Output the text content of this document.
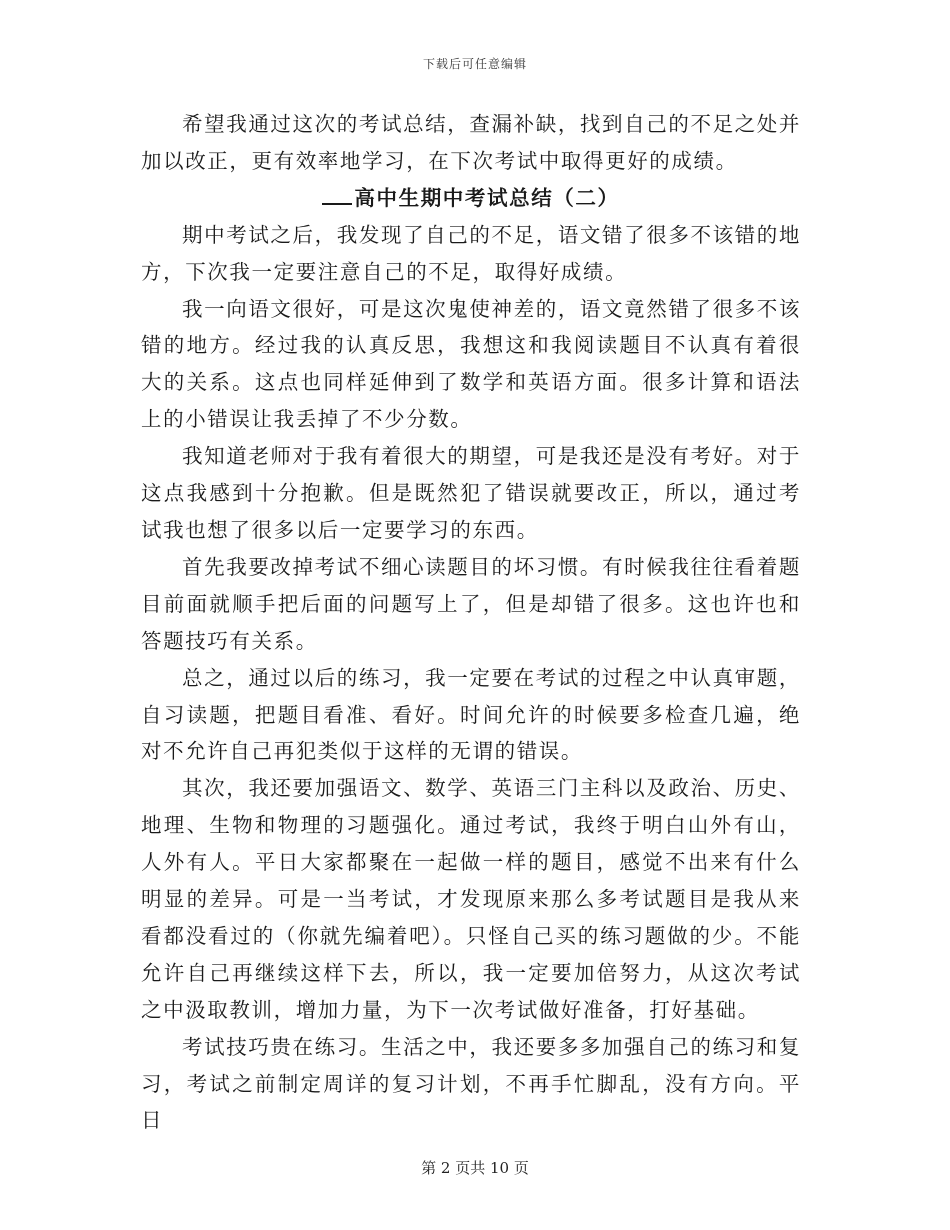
下载后可任意编辑

希望我通过这次的考试总结，查漏补缺，找到自己的不足之处并加以改正，更有效率地学习，在下次考试中取得更好的成绩。

高中生期中考试总结（二）

期中考试之后，我发现了自己的不足，语文错了很多不该错的地方，下次我一定要注意自己的不足，取得好成绩。

我一向语文很好，可是这次鬼使神差的，语文竟然错了很多不该错的地方。经过我的认真反思，我想这和我阅读题目不认真有着很大的关系。这点也同样延伸到了数学和英语方面。很多计算和语法上的小错误让我丢掉了不少分数。

我知道老师对于我有着很大的期望，可是我还是没有考好。对于这点我感到十分抱歉。但是既然犯了错误就要改正，所以，通过考试我也想了很多以后一定要学习的东西。

首先我要改掉考试不细心读题目的坏习惯。有时候我往往看着题目前面就顺手把后面的问题写上了，但是却错了很多。这也许也和答题技巧有关系。

总之，通过以后的练习，我一定要在考试的过程之中认真审题，自习读题，把题目看准、看好。时间允许的时候要多检查几遍，绝对不允许自己再犯类似于这样的无谓的错误。

其次，我还要加强语文、数学、英语三门主科以及政治、历史、地理、生物和物理的习题强化。通过考试，我终于明白山外有山，人外有人。平日大家都聚在一起做一样的题目，感觉不出来有什么明显的差异。可是一当考试，才发现原来那么多考试题目是我从来看都没看过的（你就先编着吧）。只怪自己买的练习题做的少。不能允许自己再继续这样下去，所以，我一定要加倍努力，从这次考试之中汲取教训，增加力量，为下一次考试做好准备，打好基础。

考试技巧贵在练习。生活之中，我还要多多加强自己的练习和复习，考试之前制定周详的复习计划，不再手忙脚乱，没有方向。平日

第 2 页共 10 页
